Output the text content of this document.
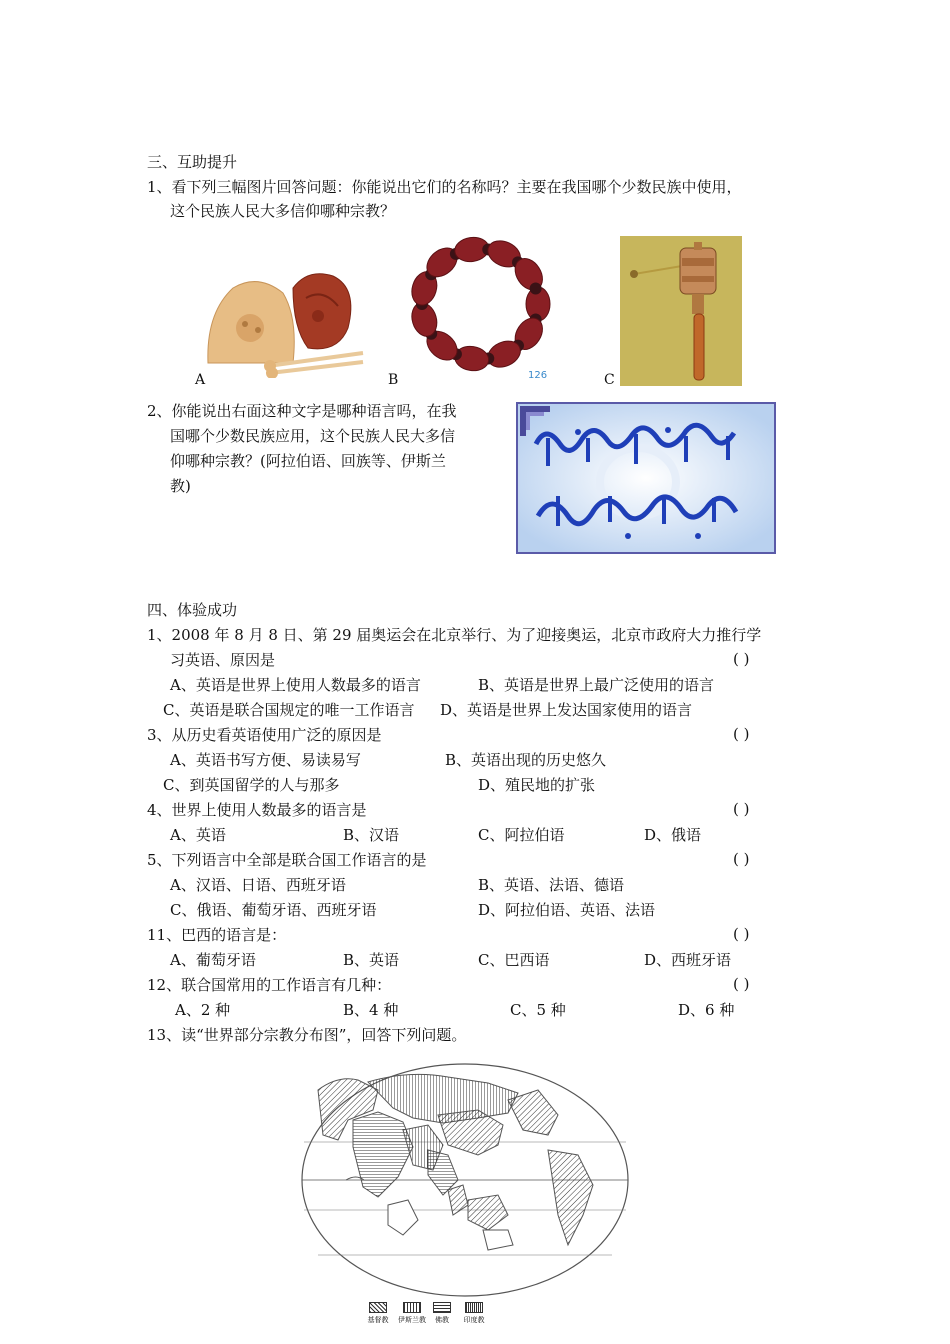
三、互助提升
1、看下列三幅图片回答问题：你能说出它们的名称吗？主要在我国哪个少数民族中使用，
这个民族人民大多信仰哪种宗教？
A	126
B	C
2、你能说出右面这种文字是哪种语言吗，在我
国哪个少数民族应用，这个民族人民大多信
仰哪种宗教？(阿拉伯语、回族等、伊斯兰
教)
四、体验成功
1、2008 年 8 月 8 日、第 29 届奥运会在北京举行、为了迎接奥运，北京市政府大力推行学
习英语、原因是	( )
A、英语是世界上使用人数最多的语言	B、英语是世界上最广泛使用的语言
C、英语是联合国规定的唯一工作语言 D、英语是世界上发达国家使用的语言
3、从历史看英语使用广泛的原因是	( )
A、英语书写方便、易读易写	B、英语出现的历史悠久
C、到英国留学的人与那多	D、殖民地的扩张
4、世界上使用人数最多的语言是	( )
A、英语	B、汉语	C、阿拉伯语	D、俄语
5、下列语言中全部是联合国工作语言的是	( )
A、汉语、日语、西班牙语	B、英语、法语、德语
C、俄语、葡萄牙语、西班牙语	D、阿拉伯语、英语、法语
11、巴西的语言是：	( )
A、葡萄牙语	B、英语	C、巴西语	D、西班牙语
12、联合国常用的工作语言有几种：	( )
A、2 种	B、4 种	C、5 种	D、6 种
13、读“世界部分宗教分布图”，回答下列问题。
基督教 伊斯兰教	佛教	印度教
